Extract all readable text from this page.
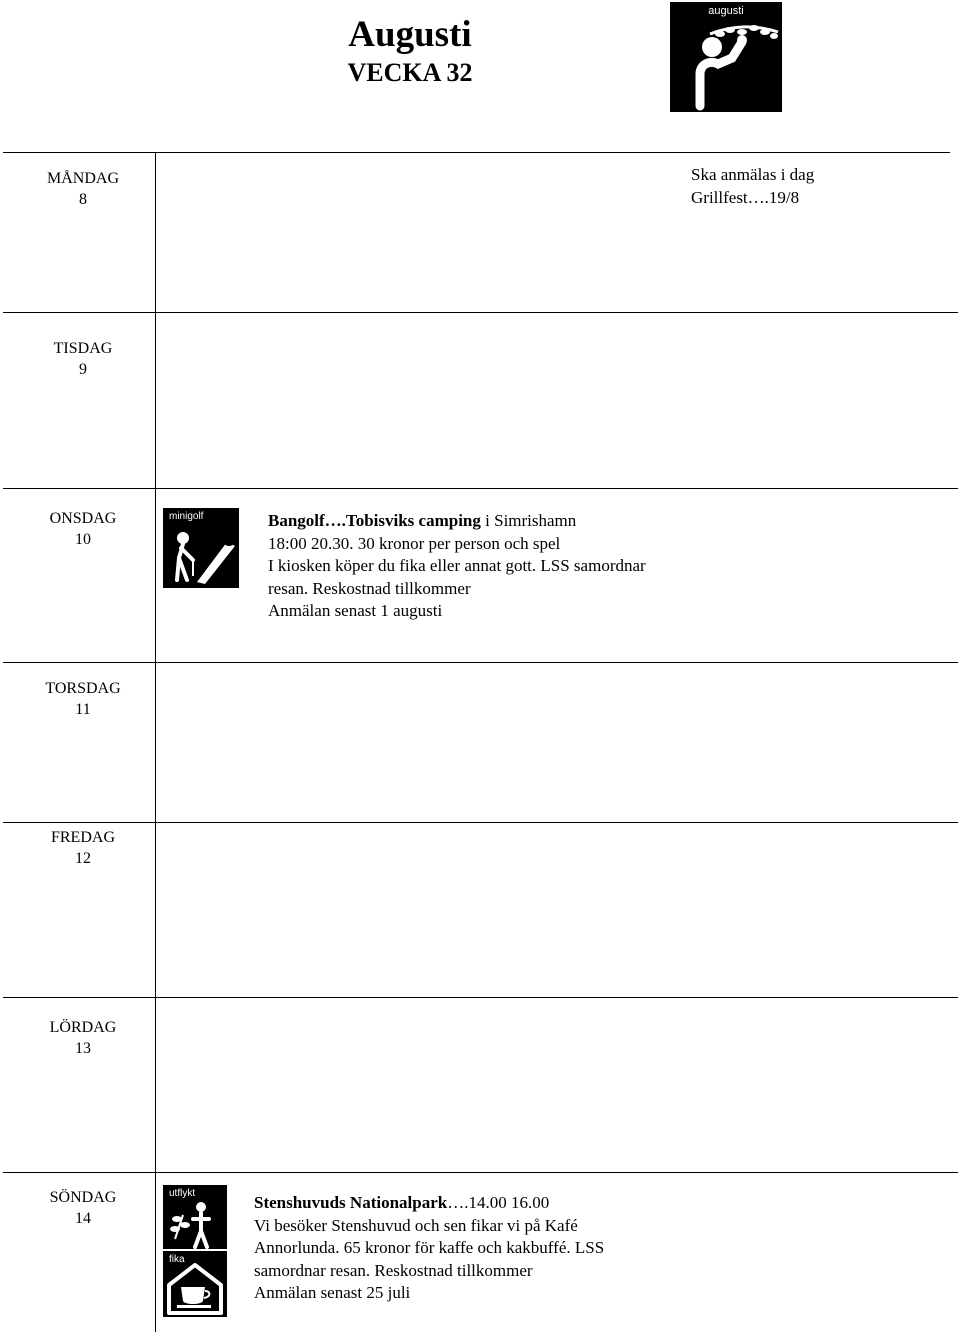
Augusti
VECKA 32
augusti
MÅNDAG
8
TISDAG
9
ONSDAG
10
TORSDAG
11
FREDAG
12
LÖRDAG
13
SÖNDAG
14
Ska anmälas i dag
Grillfest….19/8
minigolf	Bangolf….Tobisviks camping i Simrishamn
18:00 20.30. 30 kronor per person och spel
I kiosken köper du fika eller annat gott. LSS samordnar
resan. Reskostnad tillkommer
Anmälan senast 1 augusti
utflykt
fika
Stenshuvuds Nationalpark….14.00 16.00
Vi besöker Stenshuvud och sen fikar vi på Kafé
Annorlunda. 65 kronor för kaffe och kakbuffé. LSS
samordnar resan. Reskostnad tillkommer
Anmälan senast 25 juli
